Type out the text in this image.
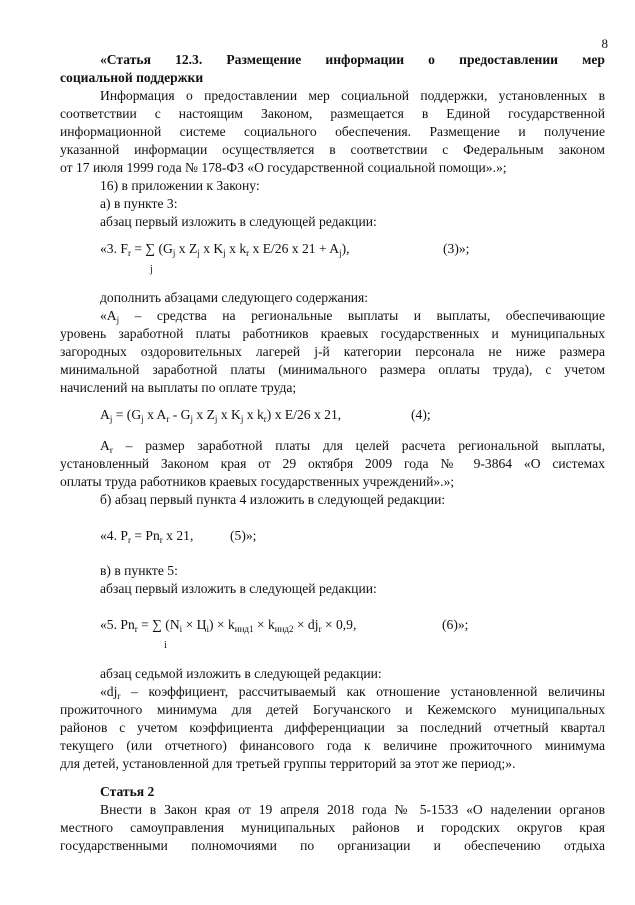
8
«Статья 12.3. Размещение информации о предоставлении мер
социальной поддержки
Информация о предоставлении мер социальной поддержки, установленных в
соответствии с настоящим Законом, размещается в Единой государственной
информационной системе социального обеспечения. Размещение и получение
указанной информации осуществляется в соответствии с Федеральным законом
от 17 июля 1999 года № 178-ФЗ «О государственной социальной помощи».»;
16) в приложении к Закону:
а) в пункте 3:
абзац первый изложить в следующей редакции:
«3. $F_r$ = ∑ ($G_j$ x $Z_j$ x $K_j$ x $k_r$ x E/26 x $21 + A_j$),
j
(3)»;
дополнить абзацами следующего содержания:
«$A_j$ – средства на региональные выплаты и выплаты, обеспечивающие
уровень заработной платы работников краевых государственных и муниципальных
загородных оздоровительных лагерей j-й категории персонала не ниже размера
минимальной заработной платы (минимального размера оплаты труда), с учетом
начислений на выплаты по оплате труда;
$A_j = (G_j$ x $A_r - G_j$ x $Z_j$ x $K_j$ x $k_r$) x E/26 x 21,	(4);
$A_r$ – размер заработной платы для целей расчета региональной выплаты,
установленный Законом края от 29 октября 2009 года № 9-3864 «О системах
оплаты труда работников краевых государственных учреждений».»;
б) абзац первый пункта 4 изложить в следующей редакции:
«4. $P_r = Pn_r$ x 21,	(5)»;
в) в пункте 5:
абзац первый изложить в следующей редакции:
«5. $Pn_r$ = ∑ $(N_i \times Ц_i) \times k_{инд1} \times k_{инд2} \times dj_r \times 0,9$,
i
(6)»;
абзац седьмой изложить в следующей редакции:
«$dj_r$ – коэффициент, рассчитываемый как отношение установленной величины
прожиточного минимума для детей Богучанского и Кежемского муниципальных
районов с учетом коэффициента дифференциации за последний отчетный квартал
текущего (или отчетного) финансового года к величине прожиточного минимума
для детей, установленной для третьей группы территорий за этот же период;».
Статья 2
Внести в Закон края от 19 апреля 2018 года № 5-1533 «О наделении органов
местного самоуправления муниципальных районов и городских округов края
государственными полномочиями по организации и обеспечению отдыха
